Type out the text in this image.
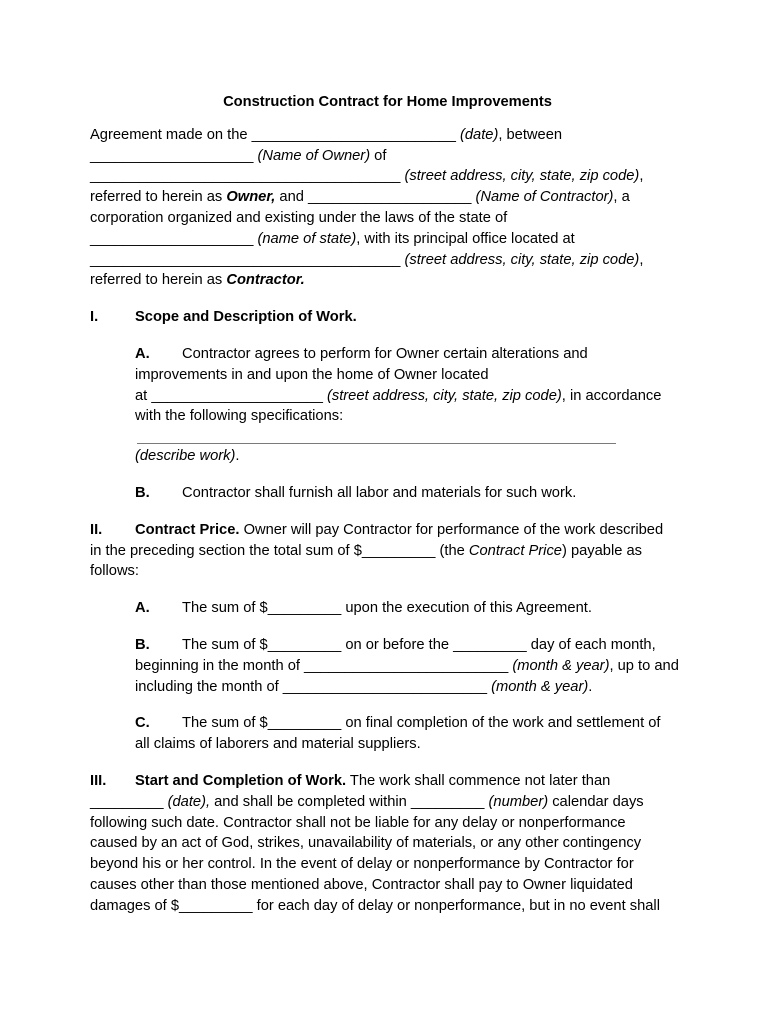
Construction Contract for Home Improvements
Agreement made on the _________________________ (date), between
____________________ (Name of Owner) of
______________________________________ (street address, city, state, zip code),
referred to herein as Owner, and ____________________ (Name of Contractor), a
corporation organized and existing under the laws of the state of
____________________ (name of state), with its principal office located at
______________________________________ (street address, city, state, zip code),
referred to herein as Contractor.
I.	Scope and Description of Work.
A. Contractor agrees to perform for Owner certain alterations and
improvements in and upon the home of Owner located
at _____________________ (street address, city, state, zip code), in accordance
with the following specifications:
(describe work).
B. Contractor shall furnish all labor and materials for such work.
II. Contract Price. Owner will pay Contractor for performance of the work described
in the preceding section the total sum of $_________ (the Contract Price) payable as
follows:
A. The sum of $_________ upon the execution of this Agreement.
B. The sum of $_________ on or before the _________ day of each month,
beginning in the month of _________________________ (month & year), up to and
including the month of _________________________ (month & year).
C. The sum of $_________ on final completion of the work and settlement of
all claims of laborers and material suppliers.
III. Start and Completion of Work. The work shall commence not later than
_________ (date), and shall be completed within _________ (number) calendar days
following such date. Contractor shall not be liable for any delay or nonperformance
caused by an act of God, strikes, unavailability of materials, or any other contingency
beyond his or her control. In the event of delay or nonperformance by Contractor for
causes other than those mentioned above, Contractor shall pay to Owner liquidated
damages of $_________ for each day of delay or nonperformance, but in no event shall
